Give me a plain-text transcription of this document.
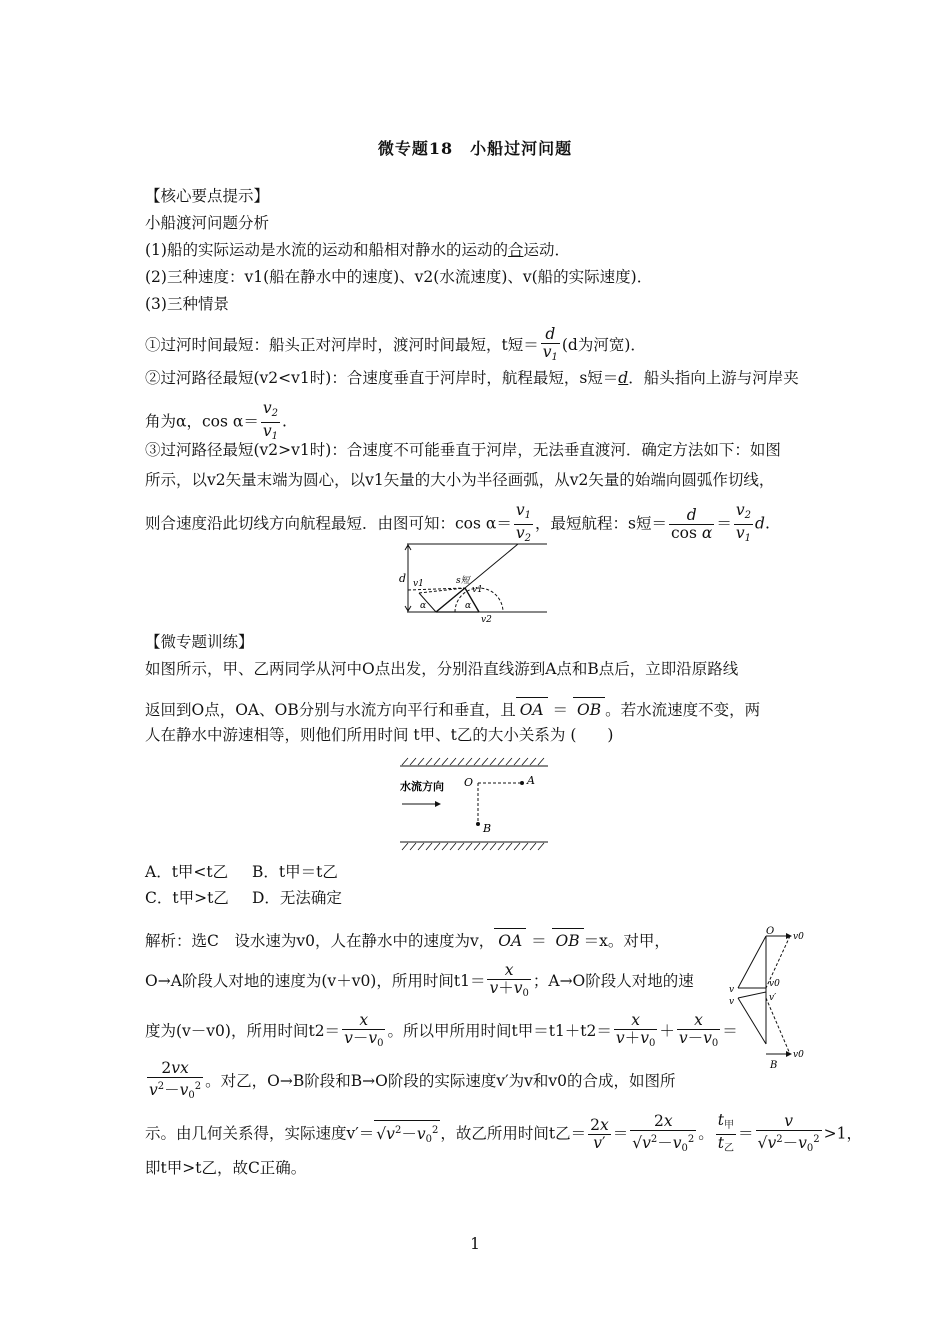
微专题18　小船过河问题
【核心要点提示】
小船渡河问题分析
(1)船的实际运动是水流的运动和船相对静水的运动的合运动．
(2)三种速度：v1(船在静水中的速度)、v2(水流速度)、v(船的实际速度)．
(3)三种情景
①过河时间最短：船头正对河岸时，渡河时间最短，t短＝ $\frac{d}{v_1} (d$为河宽)．
②过河路径最短(v2<v1时)：合速度垂直于河岸时，航程最短，s短＝d．船头指向上游与河岸夹
角为α，$\cos \alpha= \frac{v_2}{v_1}$ .
③过河路径最短(v2>v1时)：合速度不可能垂直于河岸，无法垂直渡河．确定方法如下：如图
所示，以v2矢量末端为圆心，以v1矢量的大小为半径画弧，从v2矢量的始端向圆弧作切线，
则合速度沿此切线方向航程最短．由图可知：$\cos \alpha= \frac{v_1}{v_2}$ ，最短航程：s短＝ $\frac{d}{\text{cos α}} = \frac{v_2}{v_1} d$.
d v1	s短
v1
α	α
v2
【微专题训练】
如图所示，甲、乙两同学从河中O点出发，分别沿直线游到A点和B点后，立即沿原路线
返回到O点，OA、OB分别与水流方向平行和垂直，且 OA ＝ OB 。若水流速度不变，两
人在静水中游速相等，则他们所用时间 t甲、t乙的大小关系为 (　　)
水流方向 O	A
B
A．t甲<t乙 B．t甲＝t乙
C．t甲>t乙 D．无法确定
解析：选C　设水速为v0，人在静水中的速度为v， OA ＝ OB ＝x。对甲，
O→A阶段人对地的速度为(v＋v0)，所用时间$t1= \frac{x}{v+v_0}$ ；A→O阶段人对地的速
度为(v－v0)，所用时间$t2= \frac{x}{v-v_0}$ 。所以甲所用时间t甲$=t1+t2= \frac{x}{v+v_0} + \frac{x}{v-v_0}$ ＝
$\frac{2vx}{v^2-v_0^2}$ 。对乙，O→B阶段和B→O阶段的实际速度v′为v和v0的合成，如图所
示。由几何关系得，实际速度$v'= √v^2-v_0^2$ ，故乙所用时间t乙＝ $\frac{2x}{v'} = \frac{2x}{√v^2-v_0^2}$ 。 $\frac{t_甲}{t_乙} = \frac{v}{√v^2-v_0^2} >1$，
即t甲>t乙，故C正确。
O v0
v
v0
v′
v
v0
B
1
